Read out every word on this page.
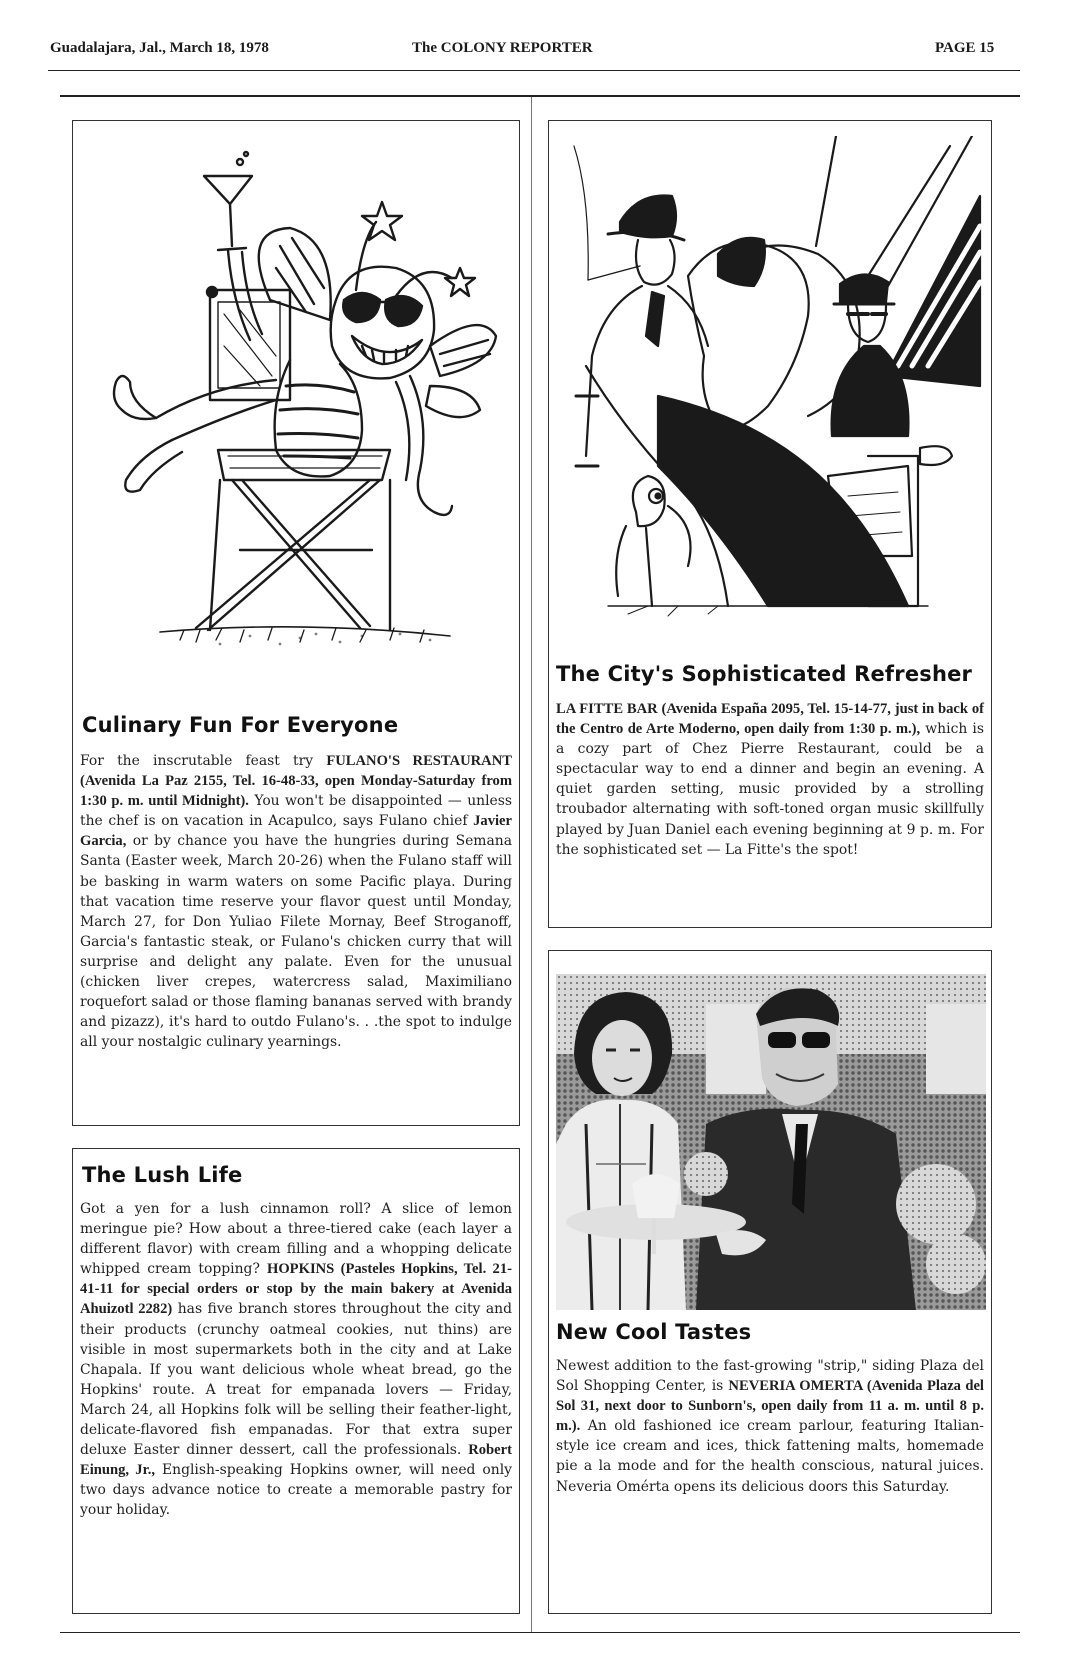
Guadalajara, Jal., March 18, 1978	The COLONY REPORTER	PAGE 15
Culinary Fun For Everyone
For the inscrutable feast try FULANO'S RESTAURANT (Avenida La Paz 2155, Tel. 16-48-33, open Monday-Saturday from 1:30 p. m. until Midnight). You won't be disappointed — unless the chef is on vacation in Acapulco, says Fulano chief Javier Garcia, or by chance you have the hungries during Semana Santa (Easter week, March 20-26) when the Fulano staff will be basking in warm waters on some Pacific playa. During that vacation time reserve your flavor quest until Monday, March 27, for Don Yuliao Filete Mornay, Beef Stroganoff, Garcia's fantastic steak, or Fulano's chicken curry that will surprise and delight any palate. Even for the unusual (chicken liver crepes, watercress salad, Maximiliano roquefort salad or those flaming bananas served with brandy and pizazz), it's hard to outdo Fulano's. . .the spot to indulge all your nostalgic culinary yearnings.
The City's Sophisticated Refresher
LA FITTE BAR (Avenida España 2095, Tel. 15-14-77, just in back of the Centro de Arte Moderno, open daily from 1:30 p. m.), which is a cozy part of Chez Pierre Restaurant, could be a spectacular way to end a dinner and begin an evening. A quiet garden setting, music provided by a strolling troubador alternating with soft-toned organ music skillfully played by Juan Daniel each evening beginning at 9 p. m. For the sophisticated set — La Fitte's the spot!
The Lush Life
Got a yen for a lush cinnamon roll? A slice of lemon meringue pie? How about a three-tiered cake (each layer a different flavor) with cream filling and a whopping delicate whipped cream topping? HOPKINS (Pasteles Hopkins, Tel. 21-41-11 for special orders or stop by the main bakery at Avenida Ahuizotl 2282) has five branch stores throughout the city and their products (crunchy oatmeal cookies, nut thins) are visible in most supermarkets both in the city and at Lake Chapala. If you want delicious whole wheat bread, go the Hopkins' route. A treat for empanada lovers — Friday, March 24, all Hopkins folk will be selling their feather-light, delicate-flavored fish empanadas. For that extra super deluxe Easter dinner dessert, call the professionals. Robert Einung, Jr., English-speaking Hopkins owner, will need only two days advance notice to create a memorable pastry for your holiday.
New Cool Tastes
Newest addition to the fast-growing "strip," siding Plaza del Sol Shopping Center, is NEVERIA OMERTA (Avenida Plaza del Sol 31, next door to Sunborn's, open daily from 11 a. m. until 8 p. m.). An old fashioned ice cream parlour, featuring Italian-style ice cream and ices, thick fattening malts, homemade pie a la mode and for the health conscious, natural juices. Neveria Omérta opens its delicious doors this Saturday.
